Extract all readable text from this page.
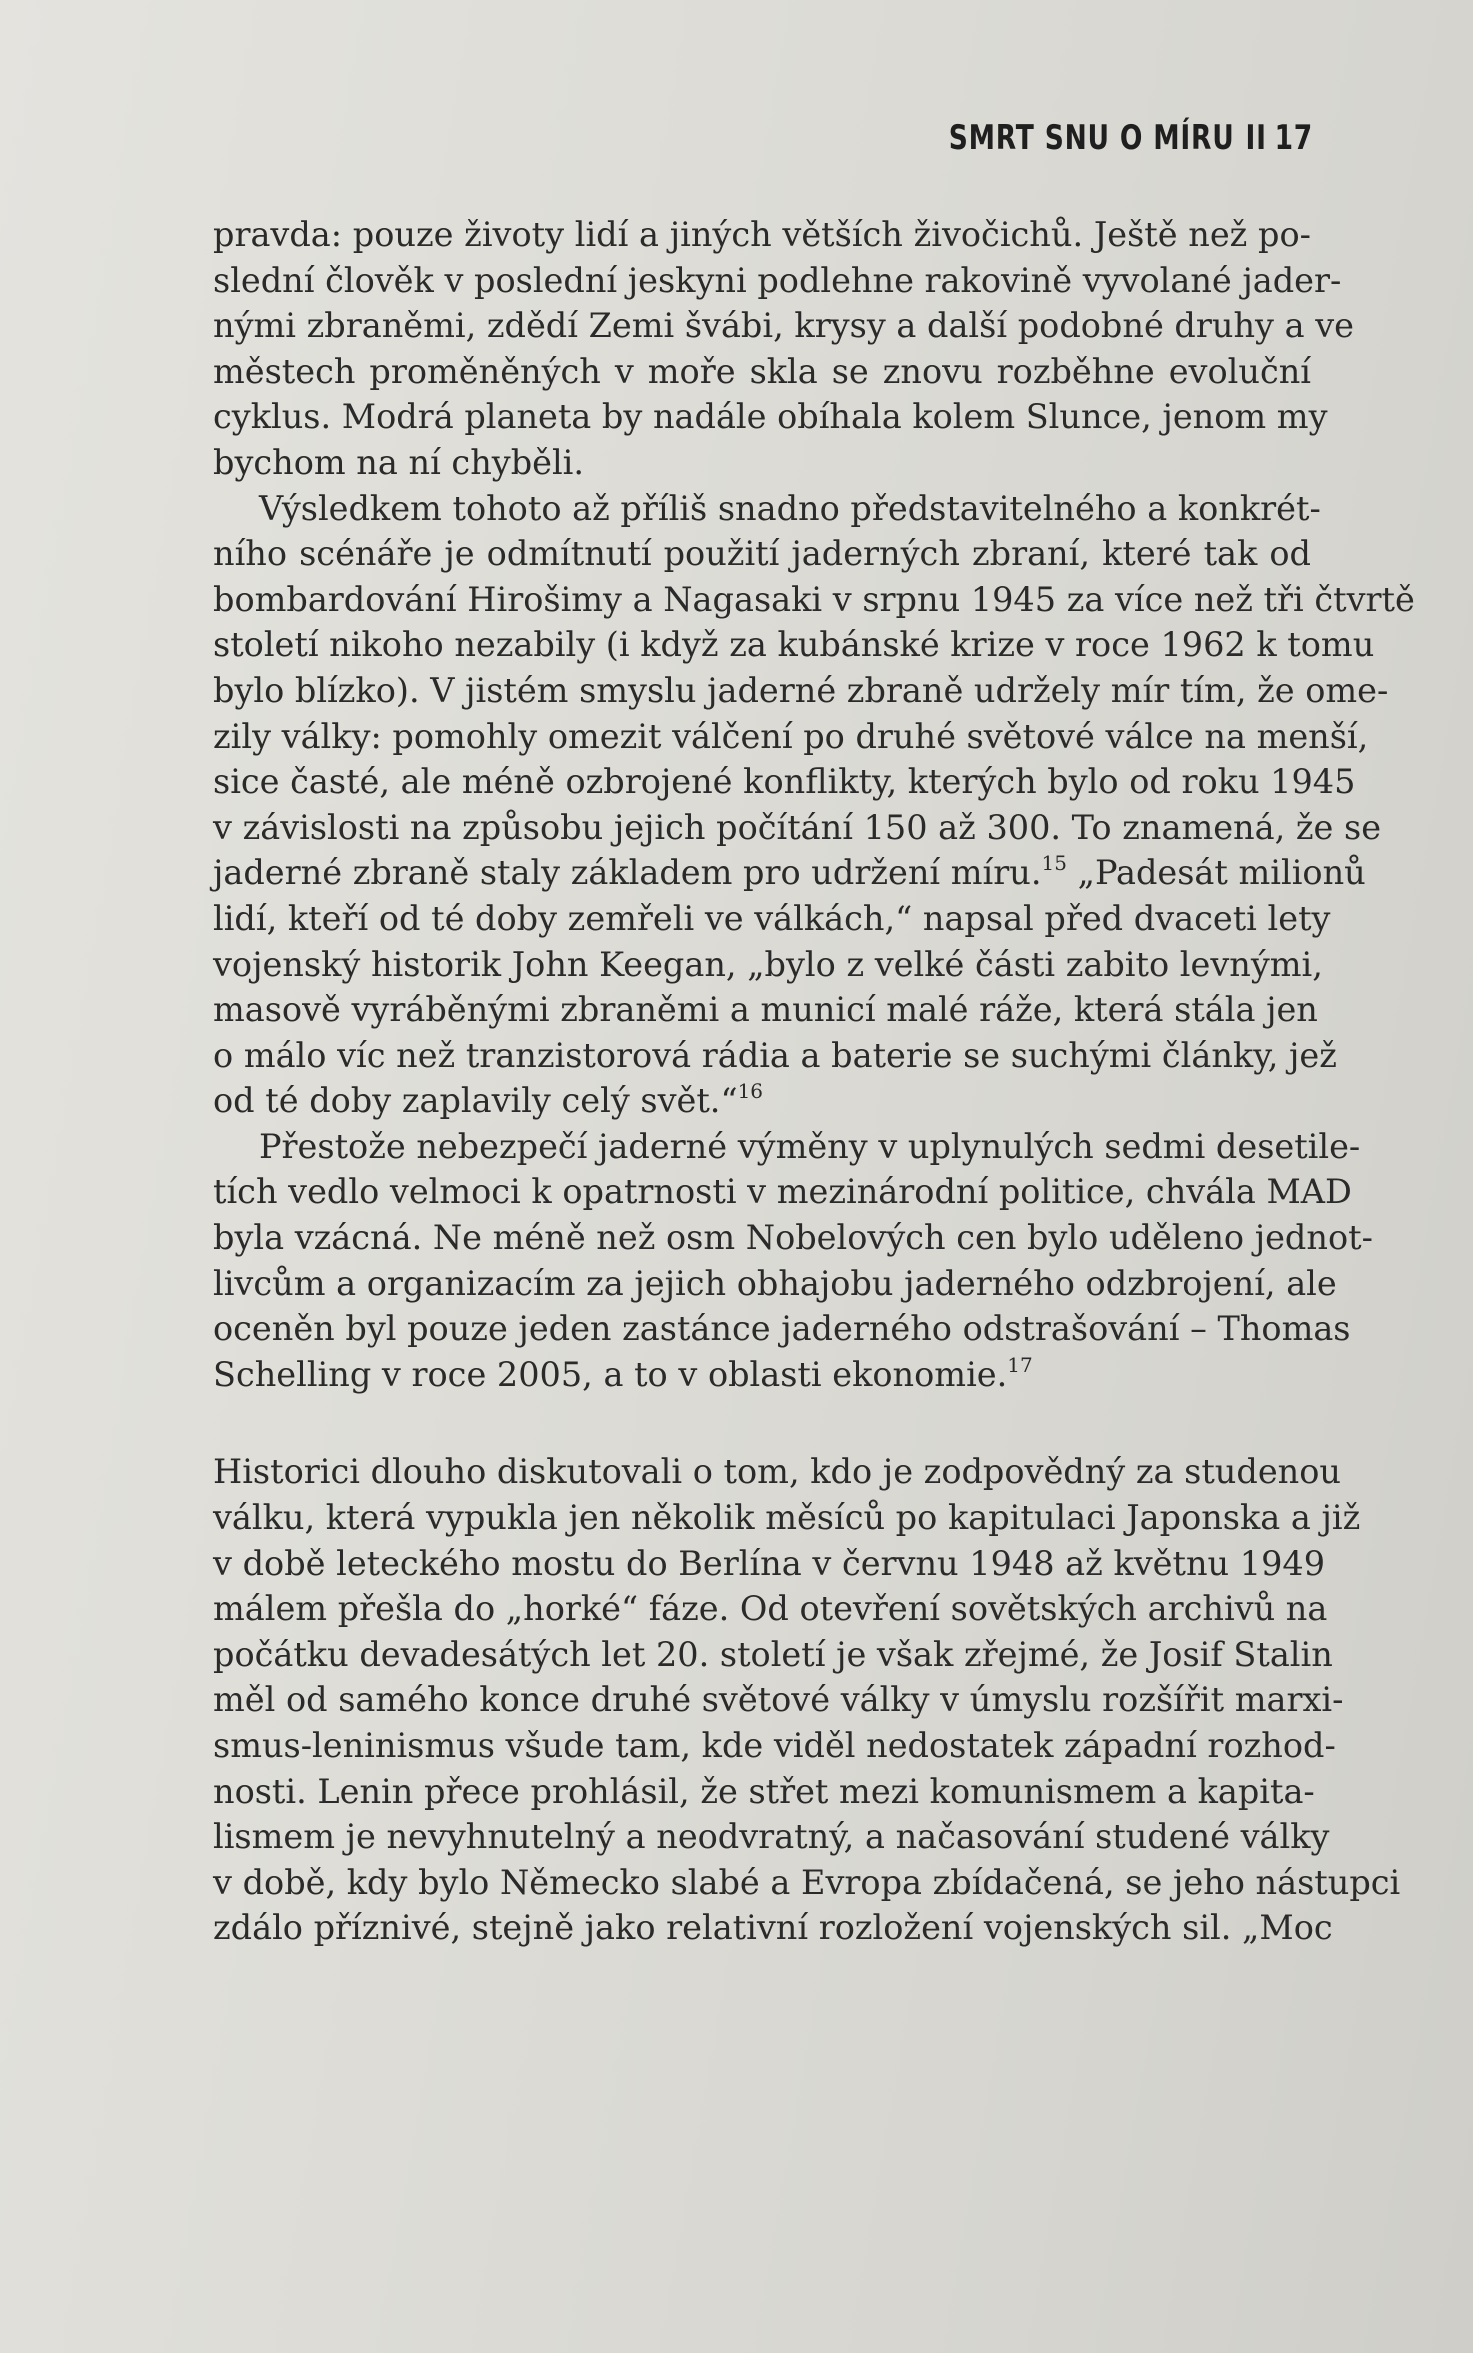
SMRT SNU O MÍRU II 17

pravda: pouze životy lidí a jiných větších živočichů. Ještě než po-
slední člověk v poslední jeskyni podlehne rakovině vyvolané jader-
nými zbraněmi, zdědí Zemi švábi, krysy a další podobné druhy a ve
městech proměněných v moře skla se znovu rozběhne evoluční
cyklus. Modrá planeta by nadále obíhala kolem Slunce, jenom my
bychom na ní chyběli.

Výsledkem tohoto až příliš snadno představitelného a konkrét-
ního scénáře je odmítnutí použití jaderných zbraní, které tak od
bombardování Hirošimy a Nagasaki v srpnu 1945 za více než tři čtvrtě
století nikoho nezabily (i když za kubánské krize v roce 1962 k tomu
bylo blízko). V jistém smyslu jaderné zbraně udržely mír tím, že ome-
zily války: pomohly omezit válčení po druhé světové válce na menší,
sice časté, ale méně ozbrojené konflikty, kterých bylo od roku 1945
v závislosti na způsobu jejich počítání 150 až 300. To znamená, že se
jaderné zbraně staly základem pro udržení míru.$^{15}$ „Padesát milionů
lidí, kteří od té doby zemřeli ve válkách,“ napsal před dvaceti lety
vojenský historik John Keegan, „bylo z velké části zabito levnými,
masově vyráběnými zbraněmi a municí malé ráže, která stála jen
o málo víc než tranzistorová rádia a baterie se suchými články, jež
od té doby zaplavily celý svět.“$^{16}$

Přestože nebezpečí jaderné výměny v uplynulých sedmi desetile-
tích vedlo velmoci k opatrnosti v mezinárodní politice, chvála MAD
byla vzácná. Ne méně než osm Nobelových cen bylo uděleno jednot-
livcům a organizacím za jejich obhajobu jaderného odzbrojení, ale
oceněn byl pouze jeden zastánce jaderného odstrašování – Thomas
Schelling v roce 2005, a to v oblasti ekonomie.$^{17}$

Historici dlouho diskutovali o tom, kdo je zodpovědný za studenou
válku, která vypukla jen několik měsíců po kapitulaci Japonska a již
v době leteckého mostu do Berlína v červnu 1948 až květnu 1949
málem přešla do „horké“ fáze. Od otevření sovětských archivů na
počátku devadesátých let 20. století je však zřejmé, že Josif Stalin
měl od samého konce druhé světové války v úmyslu rozšířit marxi-
smus-leninismus všude tam, kde viděl nedostatek západní rozhod-
nosti. Lenin přece prohlásil, že střet mezi komunismem a kapita-
lismem je nevyhnutelný a neodvratný, a načasování studené války
v době, kdy bylo Německo slabé a Evropa zbídačená, se jeho nástupci
zdálo příznivé, stejně jako relativní rozložení vojenských sil. „Moc
